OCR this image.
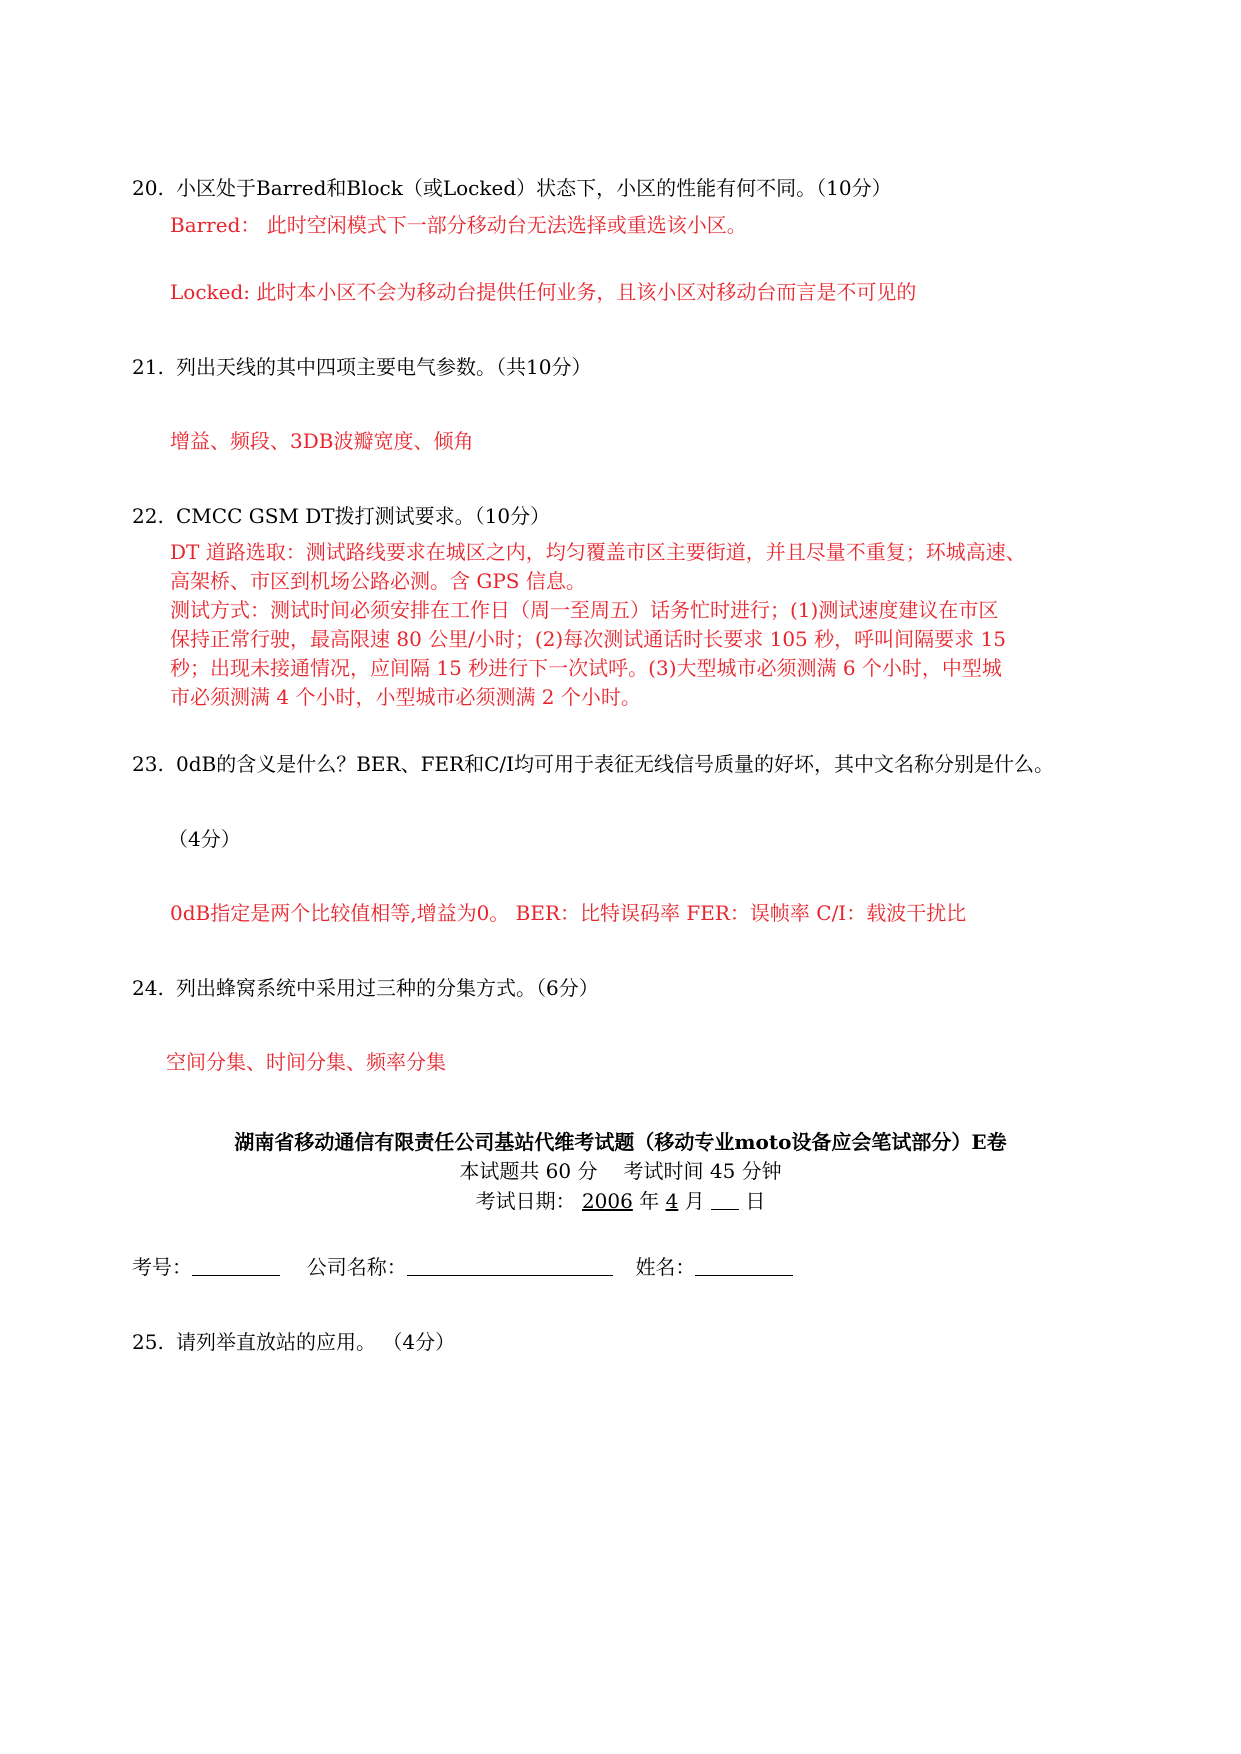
20. 小区处于Barred和Block（或Locked）状态下，小区的性能有何不同。（10分）
Barred： 此时空闲模式下一部分移动台无法选择或重选该小区。
Locked: 此时本小区不会为移动台提供任何业务，且该小区对移动台而言是不可见的
21. 列出天线的其中四项主要电气参数。（共10分）
增益、频段、3DB波瓣宽度、倾角
22. CMCC GSM DT拨打测试要求。（10分）
DT 道路选取：测试路线要求在城区之内，均匀覆盖市区主要街道，并且尽量不重复；环城高速、
高架桥、市区到机场公路必测。含 GPS 信息。
测试方式：测试时间必须安排在工作日（周一至周五）话务忙时进行；(1)测试速度建议在市区
保持正常行驶，最高限速 80 公里/小时；(2)每次测试通话时长要求 105 秒，呼叫间隔要求 15
秒；出现未接通情况，应间隔 15 秒进行下一次试呼。(3)大型城市必须测满 6 个小时，中型城
市必须测满 4 个小时，小型城市必须测满 2 个小时。
23. 0dB的含义是什么？BER、FER和C/I均可用于表征无线信号质量的好坏，其中文名称分别是什么。
（4分）
0dB指定是两个比较值相等,增益为0。 BER：比特误码率 FER：误帧率 C/I：载波干扰比
24. 列出蜂窝系统中采用过三种的分集方式。（6分）
空间分集、时间分集、频率分集
湖南省移动通信有限责任公司基站代维考试题（移动专业moto设备应会笔试部分）E卷
本试题共 60 分 考试时间 45 分钟
考试日期： 2006 年 4 月 日
考号：	公司名称：	姓名：
25. 请列举直放站的应用。 （4分）
